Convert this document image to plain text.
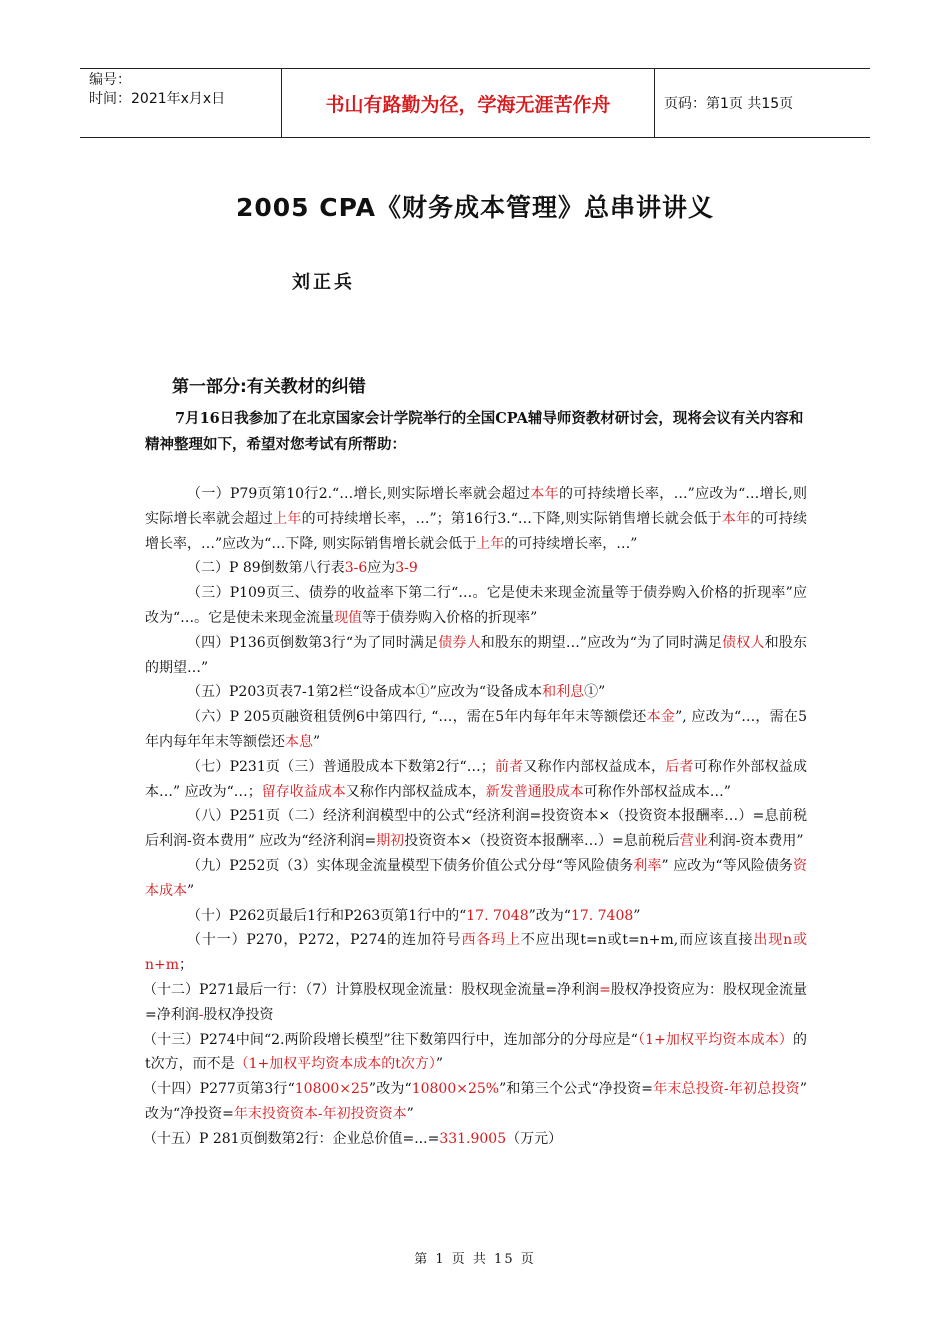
编号：
时间：2021年x月x日	书山有路勤为径，学海无涯苦作舟	页码：第1页 共15页
2005 CPA《财务成本管理》总串讲讲义
刘正兵
第一部分:有关教材的纠错
7月16日我参加了在北京国家会计学院举行的全国CPA辅导师资教材研讨会，现将会议有关内容和精神整理如下，希望对您考试有所帮助：

（一）P79页第10行2.“…增长,则实际增长率就会超过本年的可持续增长率，…”应改为“…增长,则实际增长率就会超过上年的可持续增长率，…”；第16行3.“…下降,则实际销售增长就会低于本年的可持续增长率，…”应改为“…下降, 则实际销售增长就会低于上年的可持续增长率，…”

（二）P 89倒数第八行表3-6应为3-9

（三）P109页三、债券的收益率下第二行“…。它是使未来现金流量等于债券购入价格的折现率”应改为“…。它是使未来现金流量现值等于债券购入价格的折现率”

（四）P136页倒数第3行“为了同时满足债券人和股东的期望…”应改为“为了同时满足债权人和股东的期望…”

（五）P203页表7-1第2栏“设备成本①”应改为“设备成本和利息①”

（六）P 205页融资租赁例6中第四行, “…，需在5年内每年年末等额偿还本金”, 应改为“…，需在5年内每年年末等额偿还本息”

（七）P231页（三）普通股成本下数第2行“…；前者又称作内部权益成本，后者可称作外部权益成本…” 应改为“…；留存收益成本又称作内部权益成本，新发普通股成本可称作外部权益成本…”

（八）P251页（二）经济利润模型中的公式“经济利润=投资资本×（投资资本报酬率…）=息前税后利润-资本费用” 应改为“经济利润=期初投资资本×（投资资本报酬率…）=息前税后营业利润-资本费用”

（九）P252页（3）实体现金流量模型下债务价值公式分母“等风险债务利率” 应改为“等风险债务资本成本”

（十）P262页最后1行和P263页第1行中的“17. 7048”改为“17. 7408”

（十一）P270，P272，P274的连加符号西各玛上不应出现t=n或t=n+m,而应该直接出现n或n+m；

（十二）P271最后一行：（7）计算股权现金流量：股权现金流量=净利润=股权净投资应为：股权现金流量=净利润-股权净投资

（十三）P274中间“2.两阶段增长模型”往下数第四行中，连加部分的分母应是“（1+加权平均资本成本）的t次方，而不是（1+加权平均资本成本的t次方）”

（十四）P277页第3行“10800×25”改为“10800×25%”和第三个公式“净投资=年末总投资-年初总投资” 改为“净投资=年末投资资本-年初投资资本”

（十五）P 281页倒数第2行：企业总价值=...=331.9005（万元）

第 1 页 共 15 页
